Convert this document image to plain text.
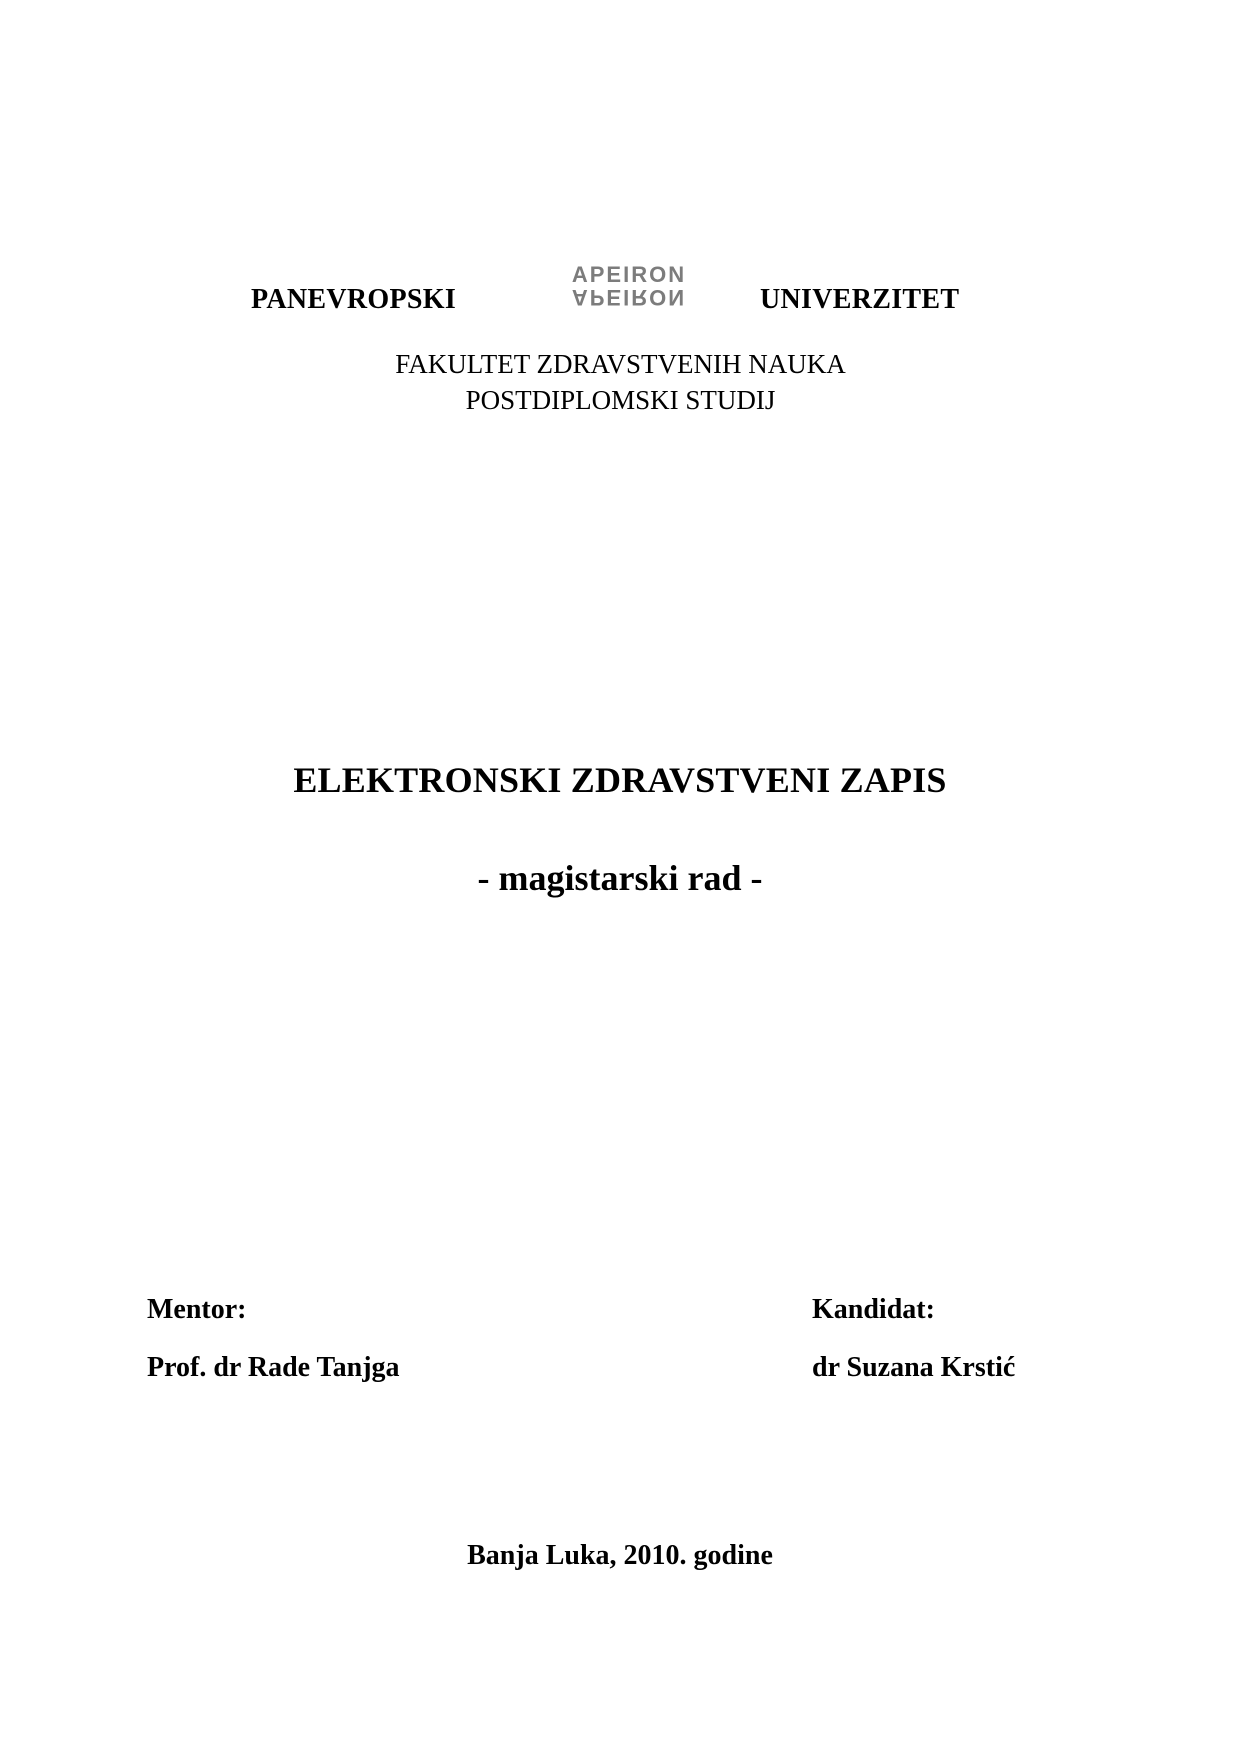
PANEVROPSKI
APEIRON
APEIRON	UNIVERZITET
FAKULTET ZDRAVSTVENIH NAUKA
POSTDIPLOMSKI STUDIJ
ELEKTRONSKI ZDRAVSTVENI ZAPIS
- magistarski rad -
Mentor:
Prof. dr Rade Tanjga
Kandidat:
dr Suzana Krstić
Banja Luka, 2010. godine
